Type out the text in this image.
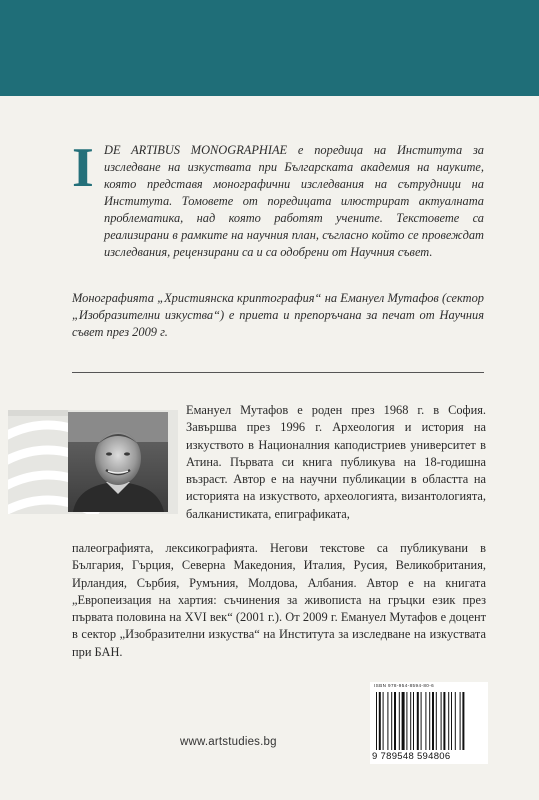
I DE ARTIBUS MONOGRAPHIAE е поредица на Института за изследване на изкуствата при Българската академия на науките, която представя монографични изследвания на сътрудници на Института. Томовете от поредицата илюстрират актуалната проблематика, над която работят учените. Текстовете са реализирани в рамките на научния план, съгласно който се провеждат изследвания, рецензирани са и са одобрени от Научния съвет.

Монографията „Християнска криптография“ на Емануел Мутафов (сектор „Изобразителни изкуства“) е приета и препоръчана за печат от Научния съвет през 2009 г.

Емануел Мутафов е роден през 1968 г. в София. Завършва през 1996 г. Археология и история на изкуството в Националния каподистриев университет в Атина. Първата си книга публикува на 18-годишна възраст. Автор е на научни публикации в областта на историята на изкуството, археологията, византологията, балканистиката, епиграфиката,

палеографията, лексикографията. Негови текстове са публикувани в България, Гърция, Северна Македония, Италия, Русия, Великобритания, Ирландия, Сърбия, Румъния, Молдова, Албания. Автор е на книгата „Европеизация на хартия: съчинения за живописта на гръцки език през първата половина на XVI век“ (2001 г.). От 2009 г. Емануел Мутафов е доцент в сектор „Изобразителни изкуства“ на Института за изследване на изкуствата при БАН.

www.artstudies.bg
ISBN 978-954-8594-80-6
9 789548 594806
